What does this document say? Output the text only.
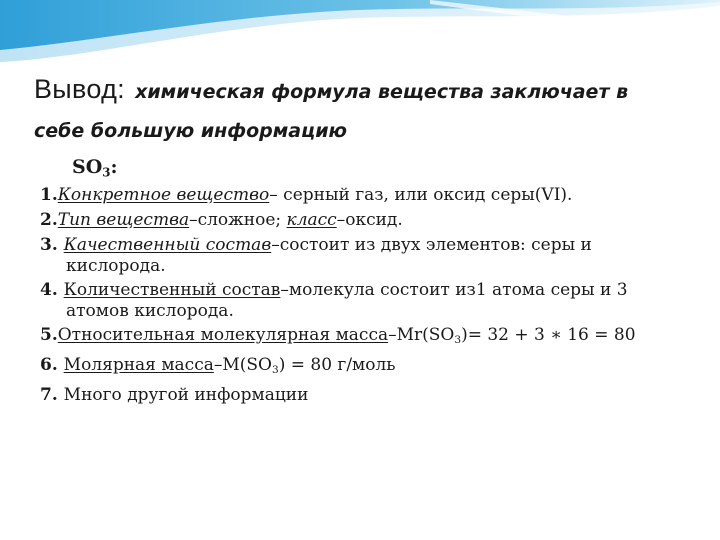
Вывод: химическая формула вещества заключает в
себе большую информацию
$SO_3$:
1.Конкретное вещество– серный газ, или оксид серы(VI).
2.Тип вещества–сложное; класс–оксид.
3. Качественный состав–состоит из двух элементов: серы и
кислорода.
4. Количественный состав–молекула состоит из1 атома серы и 3
атомов кислорода.
5.Относительная молекулярная масса–$Mr(SO_3)= 32 + 3$ ∗ 16 = 80
6. Молярная масса–$M(SO_3) = 80$ г/моль
7. Много другой информации
